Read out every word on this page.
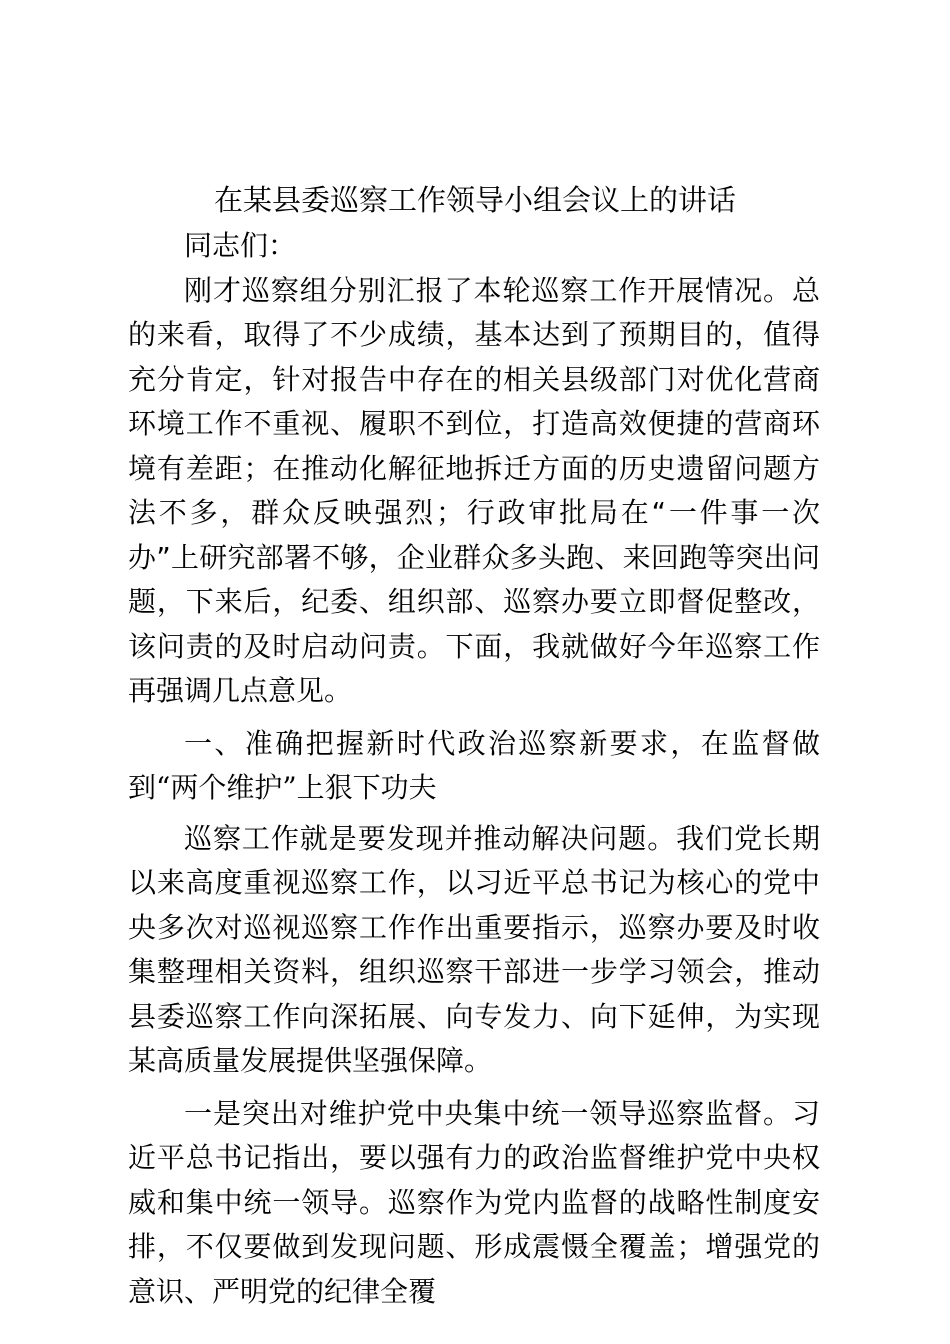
在某县委巡察工作领导小组会议上的讲话

同志们：

刚才巡察组分别汇报了本轮巡察工作开展情况。总的来看，取得了不少成绩，基本达到了预期目的，值得充分肯定，针对报告中存在的相关县级部门对优化营商环境工作不重视、履职不到位，打造高效便捷的营商环境有差距；在推动化解征地拆迁方面的历史遗留问题方法不多，群众反映强烈；行政审批局在“一件事一次办”上研究部署不够，企业群众多头跑、来回跑等突出问题，下来后，纪委、组织部、巡察办要立即督促整改，该问责的及时启动问责。下面，我就做好今年巡察工作再强调几点意见。

一、准确把握新时代政治巡察新要求，在监督做到“两个维护”上狠下功夫

巡察工作就是要发现并推动解决问题。我们党长期以来高度重视巡察工作，以习近平总书记为核心的党中央多次对巡视巡察工作作出重要指示，巡察办要及时收集整理相关资料，组织巡察干部进一步学习领会，推动县委巡察工作向深拓展、向专发力、向下延伸，为实现某高质量发展提供坚强保障。

一是突出对维护党中央集中统一领导巡察监督。习近平总书记指出，要以强有力的政治监督维护党中央权威和集中统一领导。巡察作为党内监督的战略性制度安排，不仅要做到发现问题、形成震慑全覆盖；增强党的意识、严明党的纪律全覆
